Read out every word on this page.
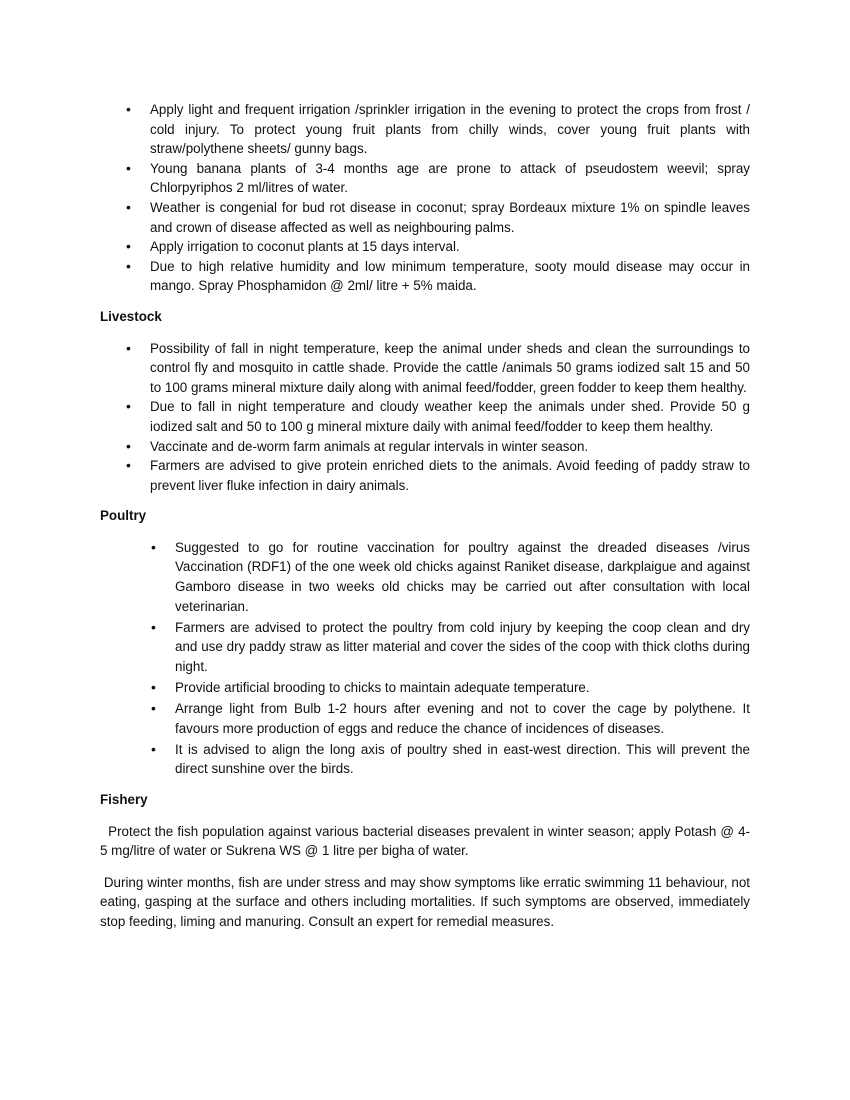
• Apply light and frequent irrigation /sprinkler irrigation in the evening to protect the crops from frost / cold injury. To protect young fruit plants from chilly winds, cover young fruit plants with straw/polythene sheets/ gunny bags.
• Young banana plants of 3-4 months age are prone to attack of pseudostem weevil; spray Chlorpyriphos 2 ml/litres of water.
• Weather is congenial for bud rot disease in coconut; spray Bordeaux mixture 1% on spindle leaves and crown of disease affected as well as neighbouring palms.
• Apply irrigation to coconut plants at 15 days interval.
• Due to high relative humidity and low minimum temperature, sooty mould disease may occur in mango. Spray Phosphamidon @ 2ml/ litre + 5% maida.
Livestock
• Possibility of fall in night temperature, keep the animal under sheds and clean the surroundings to control fly and mosquito in cattle shade. Provide the cattle /animals 50 grams iodized salt 15 and 50 to 100 grams mineral mixture daily along with animal feed/fodder, green fodder to keep them healthy.
• Due to fall in night temperature and cloudy weather keep the animals under shed. Provide 50 g iodized salt and 50 to 100 g mineral mixture daily with animal feed/fodder to keep them healthy.
• Vaccinate and de-worm farm animals at regular intervals in winter season.
• Farmers are advised to give protein enriched diets to the animals. Avoid feeding of paddy straw to prevent liver fluke infection in dairy animals.
Poultry
• Suggested to go for routine vaccination for poultry against the dreaded diseases /virus Vaccination (RDF1) of the one week old chicks against Raniket disease, darkplaigue and against Gamboro disease in two weeks old chicks may be carried out after consultation with local veterinarian.
• Farmers are advised to protect the poultry from cold injury by keeping the coop clean and dry and use dry paddy straw as litter material and cover the sides of the coop with thick cloths during night.
• Provide artificial brooding to chicks to maintain adequate temperature.
• Arrange light from Bulb 1-2 hours after evening and not to cover the cage by polythene. It favours more production of eggs and reduce the chance of incidences of diseases.
• It is advised to align the long axis of poultry shed in east-west direction. This will prevent the direct sunshine over the birds.
Fishery

Protect the fish population against various bacterial diseases prevalent in winter season; apply Potash @ 4-5 mg/litre of water or Sukrena WS @ 1 litre per bigha of water.

During winter months, fish are under stress and may show symptoms like erratic swimming 11 behaviour, not eating, gasping at the surface and others including mortalities. If such symptoms are observed, immediately stop feeding, liming and manuring. Consult an expert for remedial measures.
